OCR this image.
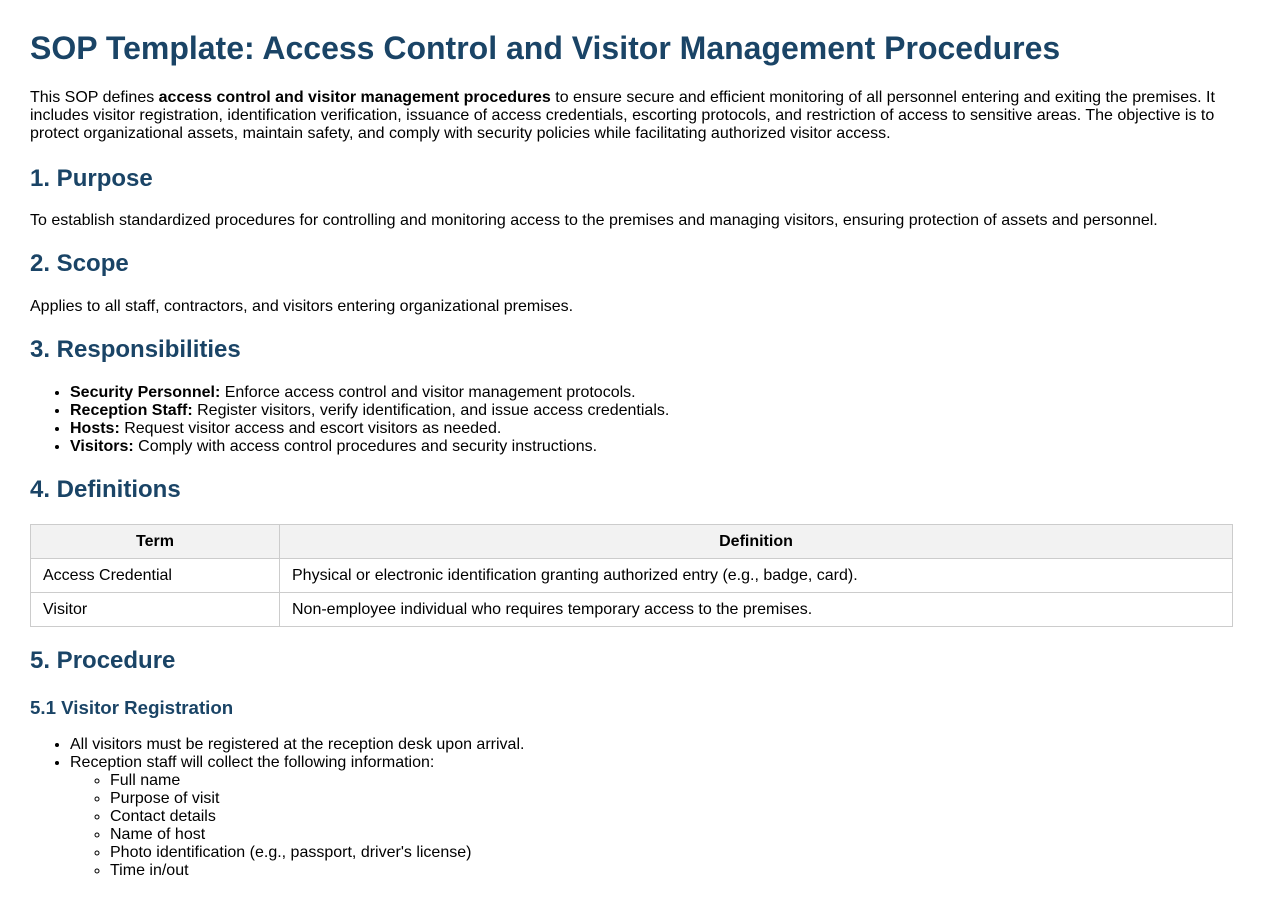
SOP Template: Access Control and Visitor Management Procedures

This SOP defines access control and visitor management procedures to ensure secure and efficient monitoring of all personnel entering and exiting the premises. It includes visitor registration, identification verification, issuance of access credentials, escorting protocols, and restriction of access to sensitive areas. The objective is to protect organizational assets, maintain safety, and comply with security policies while facilitating authorized visitor access.

1. Purpose

To establish standardized procedures for controlling and monitoring access to the premises and managing visitors, ensuring protection of assets and personnel.

2. Scope

Applies to all staff, contractors, and visitors entering organizational premises.

3. Responsibilities
• Security Personnel: Enforce access control and visitor management protocols.
• Reception Staff: Register visitors, verify identification, and issue access credentials.
• Hosts: Request visitor access and escort visitors as needed.
• Visitors: Comply with access control procedures and security instructions.
4. Definitions
Term	Definition
Access Credential	Physical or electronic identification granting authorized entry (e.g., badge, card).
Visitor	Non-employee individual who requires temporary access to the premises.
5. Procedure
5.1 Visitor Registration
• All visitors must be registered at the reception desk upon arrival.
• Reception staff will collect the following information:
◦ Full name
◦ Purpose of visit
◦ Contact details
◦ Name of host
◦ Photo identification (e.g., passport, driver's license)
◦ Time in/out
